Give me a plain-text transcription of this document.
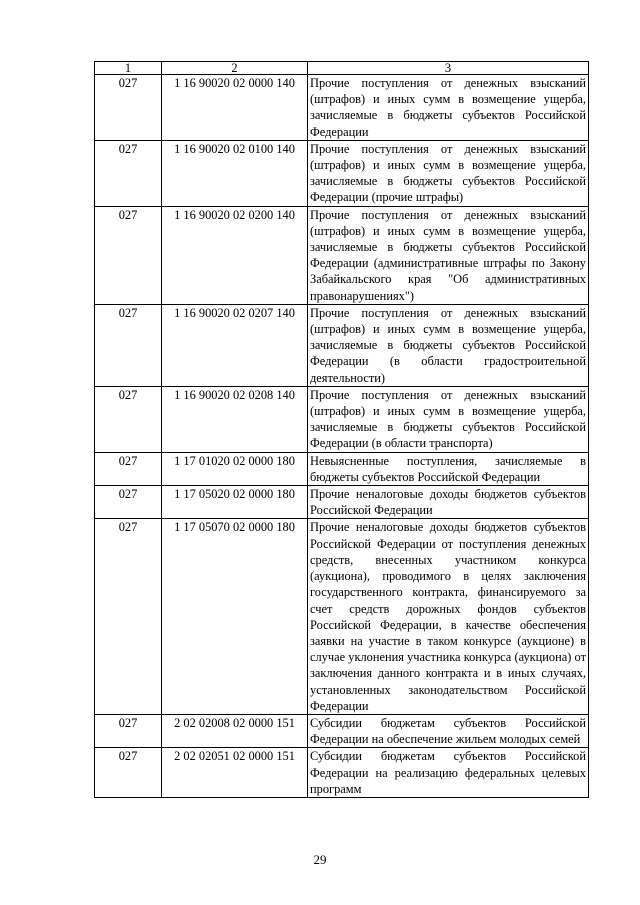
1	2	3
027	1 16 90020 02 0000 140	Прочие поступления от денежных взысканий (штрафов) и иных сумм в возмещение ущерба, зачисляемые в бюджеты субъектов Российской Федерации
027	1 16 90020 02 0100 140	Прочие поступления от денежных взысканий (штрафов) и иных сумм в возмещение ущерба, зачисляемые в бюджеты субъектов Российской Федерации (прочие штрафы)
027	1 16 90020 02 0200 140	Прочие поступления от денежных взысканий (штрафов) и иных сумм в возмещение ущерба, зачисляемые в бюджеты субъектов Российской Федерации (административные штрафы по Закону Забайкальского края "Об административных правонарушениях")
027	1 16 90020 02 0207 140	Прочие поступления от денежных взысканий (штрафов) и иных сумм в возмещение ущерба, зачисляемые в бюджеты субъектов Российской Федерации (в области градостроительной деятельности)
027	1 16 90020 02 0208 140	Прочие поступления от денежных взысканий (штрафов) и иных сумм в возмещение ущерба, зачисляемые в бюджеты субъектов Российской Федерации (в области транспорта)
027	1 17 01020 02 0000 180	Невыясненные поступления, зачисляемые в бюджеты субъектов Российской Федерации
027	1 17 05020 02 0000 180	Прочие неналоговые доходы бюджетов субъектов Российской Федерации
027	1 17 05070 02 0000 180	Прочие неналоговые доходы бюджетов субъектов Российской Федерации от поступления денежных средств, внесенных участником конкурса (аукциона), проводимого в целях заключения государственного контракта, финансируемого за счет средств дорожных фондов субъектов Российской Федерации, в качестве обеспечения заявки на участие в таком конкурсе (аукционе) в случае уклонения участника конкурса (аукциона) от заключения данного контракта и в иных случаях, установленных законодательством Российской Федерации
027	2 02 02008 02 0000 151	Субсидии бюджетам субъектов Российской Федерации на обеспечение жильем молодых семей
027	2 02 02051 02 0000 151	Субсидии бюджетам субъектов Российской Федерации на реализацию федеральных целевых программ
29
